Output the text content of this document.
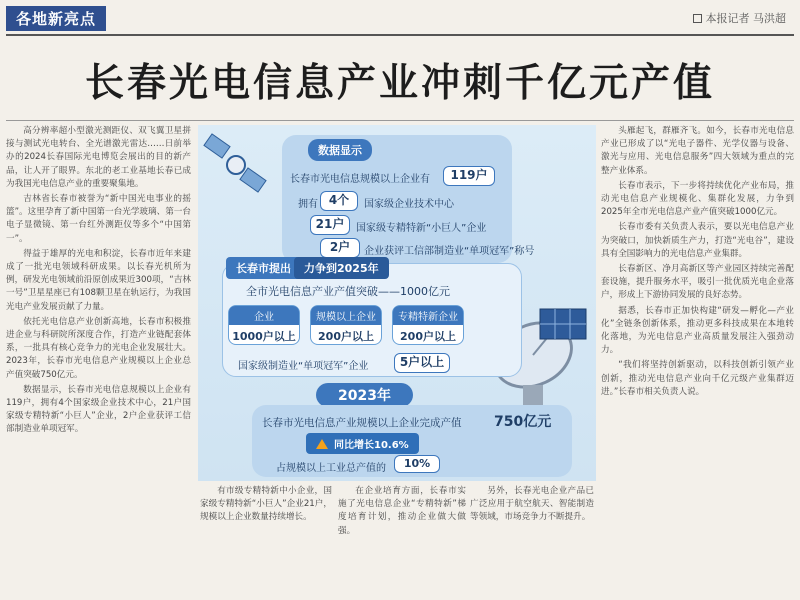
各地新亮点	本报记者 马洪超
长春光电信息产业冲刺千亿元产值

高分辨率超小型激光测距仪、双飞翼卫星拼接与测试光电转台、全光谱激光雷达……日前举办的2024长春国际光电博览会展出的目的新产品，让人开了眼界。东北的老工业基地长春已成为我国光电信息产业的重要聚集地。

吉林省长春市被誉为“新中国光电事业的摇篮”。这里孕育了新中国第一台光学玻璃、第一台电子显微镜、第一台红外测距仪等多个“中国第一”。

得益于雄厚的光电和积淀，长春市近年来建成了一批光电领域科研成果。以长春光机所为例，研发光电领域前沿原创成果近300项，“吉林一号”卫星星座已有108颗卫星在轨运行，为我国光电产业发展贡献了力量。

依托光电信息产业创新高地，长春市积极推进企业与科研院所深度合作，打造产业链配套体系，一批具有核心竞争力的光电企业发展壮大。2023年，长春市光电信息产业规模以上企业总产值突破750亿元。

数据显示，长春市光电信息规模以上企业有119户，拥有4个国家级企业技术中心，21户国家级专精特新“小巨人”企业，2户企业获评工信部制造业单项冠军。

数据显示
长春市光电信息规模以上企业有	119户
拥有 4个	国家级企业技术中心
21户	国家级专精特新“小巨人”企业
2户	企业获评工信部制造业“单项冠军”称号
长春市提出	力争到2025年
全市光电信息产业产值突破——1000亿元
企业
1000户以上
规模以上企业
200户以上
专精特新企业
200户以上
国家级制造业“单项冠军”企业	5户以上
2023年
长春市光电信息产业规模以上企业完成产值 750亿元
同比增长10.6%
占规模以上工业总产值的	10%

有市级专精特新中小企业，国家级专精特新“小巨人”企业21户，规模以上企业数量持续增长。

在企业培育方面，长春市实施了光电信息企业“专精特新”梯度培育计划，推动企业做大做强。

另外，长春光电企业产品已广泛应用于航空航天、智能制造等领域，市场竞争力不断提升。

头雁起飞，群雁齐飞。如今，长春市光电信息产业已形成了以“光电子器件、光学仪器与设备、激光与应用、光电信息服务”四大领域为重点的完整产业体系。

长春市表示，下一步将持续优化产业布局，推动光电信息产业规模化、集群化发展，力争到2025年全市光电信息产业产值突破1000亿元。

长春市委有关负责人表示，要以光电信息产业为突破口，加快新质生产力，打造“光电谷”，建设具有全国影响力的光电信息产业集群。

长春新区、净月高新区等产业园区持续完善配套设施，提升服务水平，吸引一批优质光电企业落户，形成上下游协同发展的良好态势。

据悉，长春市正加快构建“研发—孵化—产业化”全链条创新体系，推动更多科技成果在本地转化落地，为光电信息产业高质量发展注入强劲动力。

“我们将坚持创新驱动，以科技创新引领产业创新，推动光电信息产业向千亿元级产业集群迈进。”长春市相关负责人说。
